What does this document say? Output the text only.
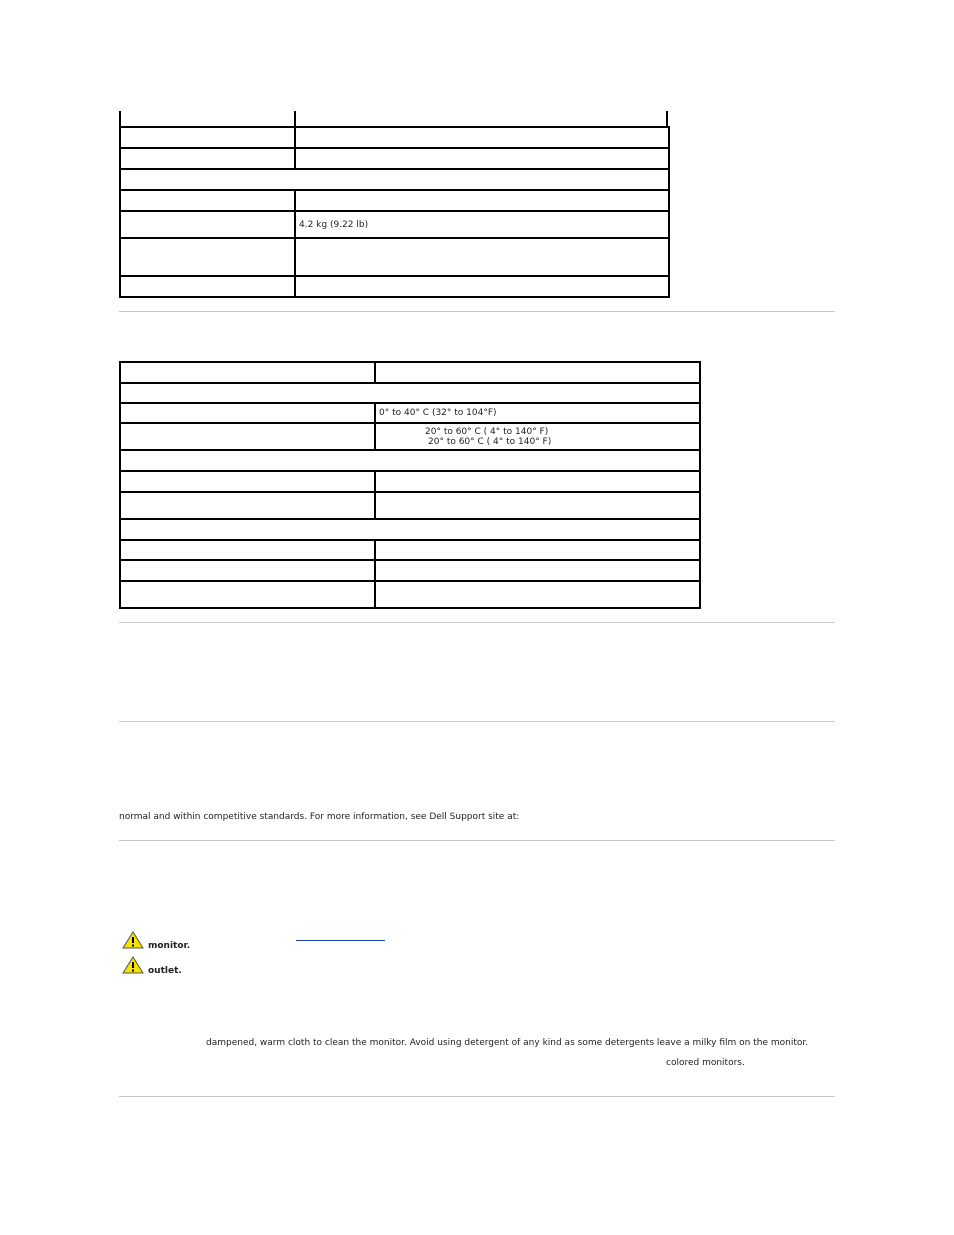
	4.2 kg (9.22 lb)

	0° to 40° C (32° to 104°F)

	20° to 60° C ( 4° to 140° F)
20° to 60° C ( 4° to 140° F)

normal and within competitive standards. For more information, see Dell Support site at:
monitor.
outlet.
dampened, warm cloth to clean the monitor. Avoid using detergent of any kind as some detergents leave a milky film on the monitor.
colored monitors.
